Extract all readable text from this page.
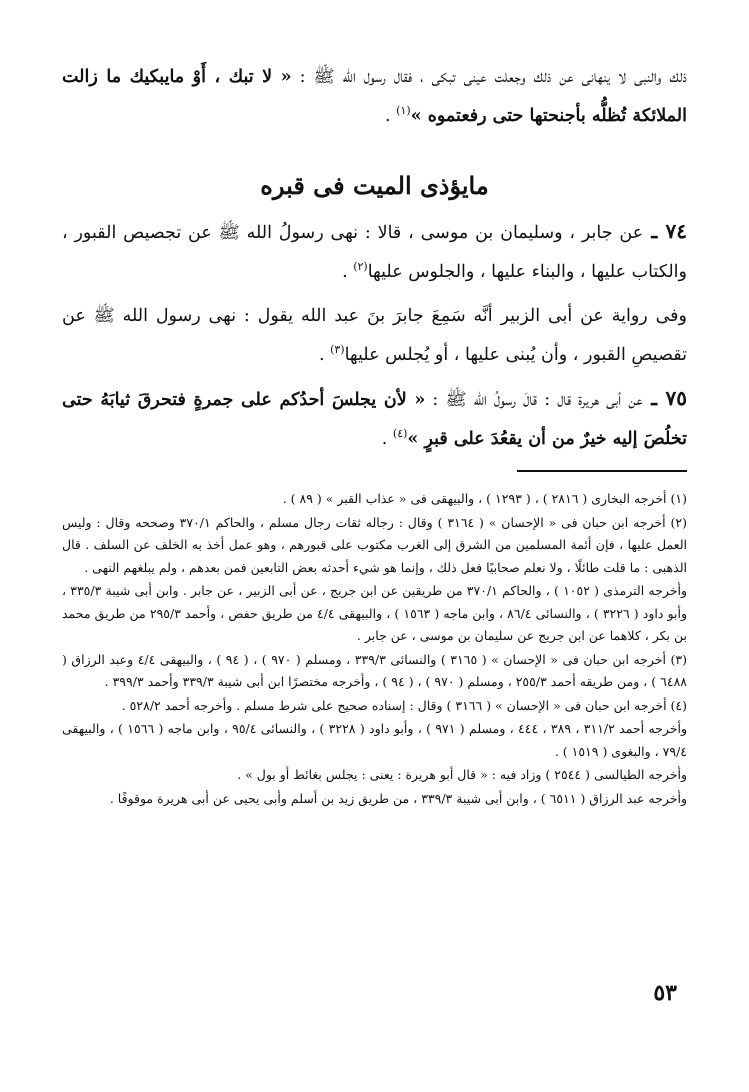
ذلك والنبى لا ينهانى عن ذلك وجعلت عينى تبكى ، فقال رسول الله ﷺ : « لا تبك ، أَوْ مايبكيك ما زالت الملائكة تُظلُّه بأجنحتها حتى رفعتموه »$^{(١)}$ .

مايؤذى الميت فى قبره

٧٤ ـ عن جابر ، وسليمان بن موسى ، قالا : نهى رسولُ الله ﷺ عن تجصيص القبور ، والكتاب عليها ، والبناء عليها ، والجلوس عليها$^{(٢)}$ .

وفى رواية عن أبى الزبير أنَّه سَمِعَ جابرَ بنَ عبد الله يقول : نهى رسول الله ﷺ عن تقصيصِ القبور ، وأن يُبنى عليها ، أو يُجلس عليها$^{(٣)}$ .

٧٥ ـ عن أبى هريرة قال : قالَ رسولُ الله ﷺ : « لأن يجلسَ أحدُكم على جمرةٍ فتحرقَ ثيابَهُ حتى تخلُصَ إليه خيرٌ من أن يقعُدَ على قبرٍ »$^{(٤)}$ .

(١) أخرجه البخارى ( ٢٨١٦ ) ، ( ١٢٩٣ ) ، والبيهقى فى « عذاب القبر » ( ٨٩ ) .

(٢) أخرجه ابن حبان فى « الإحسان » ( ٣١٦٤ ) وقال : رجاله ثقات رجال مسلم ، والحاكم ٣٧٠/١ وصححه وقال : وليس العمل عليها ، فإن أئمة المسلمين من الشرق إلى الغرب مكتوب على قبورهم ، وهو عمل أخذ به الخلف عن السلف . قال الذهبى : ما قلت طائلًا ، ولا نعلم صحابيًا فعل ذلك ، وإنما هو شيء أحدثه بعض التابعين فمن بعدهم ، ولم يبلغهم النهى .

وأخرجه الترمذى ( ١٠٥٢ ) ، والحاكم ٣٧٠/١ من طريقين عن ابن جريج ، عن أبى الزبير ، عن جابر . وابن أبى شيبة ٣٣٥/٣ ، وأبو داود ( ٣٢٢٦ ) ، والنسائى ٨٦/٤ ، وابن ماجه ( ١٥٦٣ ) ، والبيهقى ٤/٤ من طريق حفص ، وأحمد ٢٩٥/٣ من طريق محمد بن بكر ، كلاهما عن ابن جريج عن سليمان بن موسى ، عن جابر .

(٣) أخرجه ابن حبان فى « الإحسان » ( ٣١٦٥ ) والنسائى ٣٣٩/٣ ، ومسلم ( ٩٧٠ ) ، ( ٩٤ ) ، والبيهقى ٤/٤ وعبد الرزاق ( ٦٤٨٨ ) ، ومن طريقه أحمد ٢٥٥/٣ ، ومسلم ( ٩٧٠ ) ، ( ٩٤ ) ، وأخرجه مختصرًا ابن أبى شيبة ٣٣٩/٣ وأحمد ٣٩٩/٣ .

(٤) أخرجه ابن حبان فى « الإحسان » ( ٣١٦٦ ) وقال : إسناده صحيح على شرط مسلم . وأخرجه أحمد ٥٢٨/٢ .

وأخرجه أحمد ٣١١/٢ ، ٣٨٩ ، ٤٤٤ ، ومسلم ( ٩٧١ ) ، وأبو داود ( ٣٢٢٨ ) ، والنسائى ٩٥/٤ ، وابن ماجه ( ١٥٦٦ ) ، والبيهقى ٧٩/٤ ، والبغوى ( ١٥١٩ ) .

وأخرجه الطيالسى ( ٢٥٤٤ ) وزاد فيه : « قال أبو هريرة : يعنى : يجلس بغائط أو بول » .

وأخرجه عبد الرزاق ( ٦٥١١ ) ، وابن أبى شيبة ٣٣٩/٣ ، من طريق زيد بن أسلم وأبى يحيى عن أبى هريرة موقوفًا .

٥٣
